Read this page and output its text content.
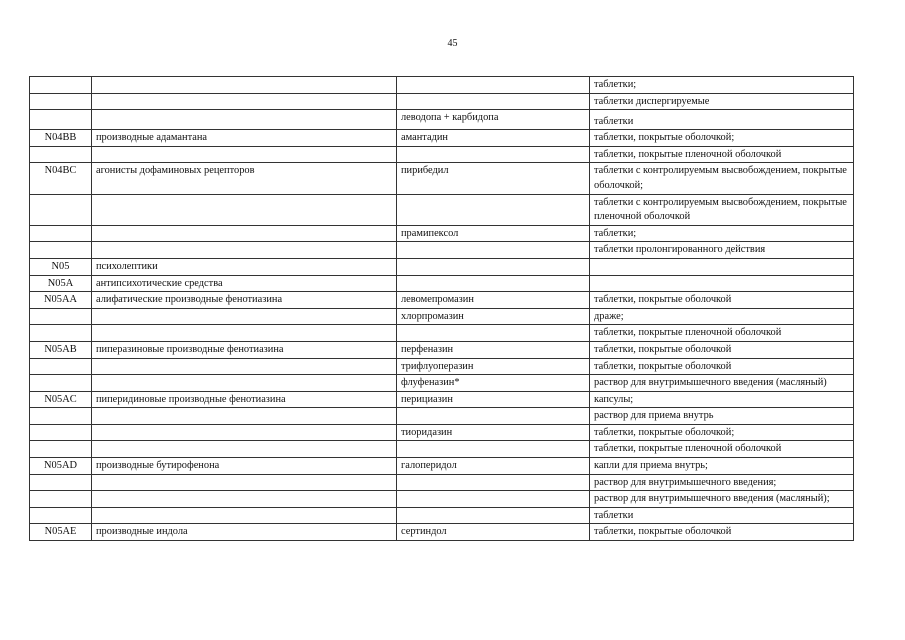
45
			таблетки;
			таблетки диспергируемые
		леводопа + карбидопа	таблетки
N04BB	производные адамантана	амантадин	таблетки, покрытые оболочкой;
			таблетки, покрытые пленочной оболочкой
N04BC	агонисты дофаминовых рецепторов	пирибедил	таблетки с контролируемым высвобождением, покрытые оболочкой;
			таблетки с контролируемым высвобождением, покрытые пленочной оболочкой
		прамипексол	таблетки;
			таблетки пролонгированного действия
N05	психолептики		
N05A	антипсихотические средства		
N05AA	алифатические производные фенотиазина	левомепромазин	таблетки, покрытые оболочкой
		хлорпромазин	драже;
			таблетки, покрытые пленочной оболочкой
N05AB	пиперазиновые производные фенотиазина	перфеназин	таблетки, покрытые оболочкой
		трифлуоперазин	таблетки, покрытые оболочкой
		флуфеназин*	раствор для внутримышечного введения (масляный)
N05AC	пиперидиновые производные фенотиазина	перициазин	капсулы;
			раствор для приема внутрь
		тиоридазин	таблетки, покрытые оболочкой;
			таблетки, покрытые пленочной оболочкой
N05AD	производные бутирофенона	галоперидол	капли для приема внутрь;
			раствор для внутримышечного введения;
			раствор для внутримышечного введения (масляный);
			таблетки
N05AE	производные индола	сертиндол	таблетки, покрытые оболочкой
